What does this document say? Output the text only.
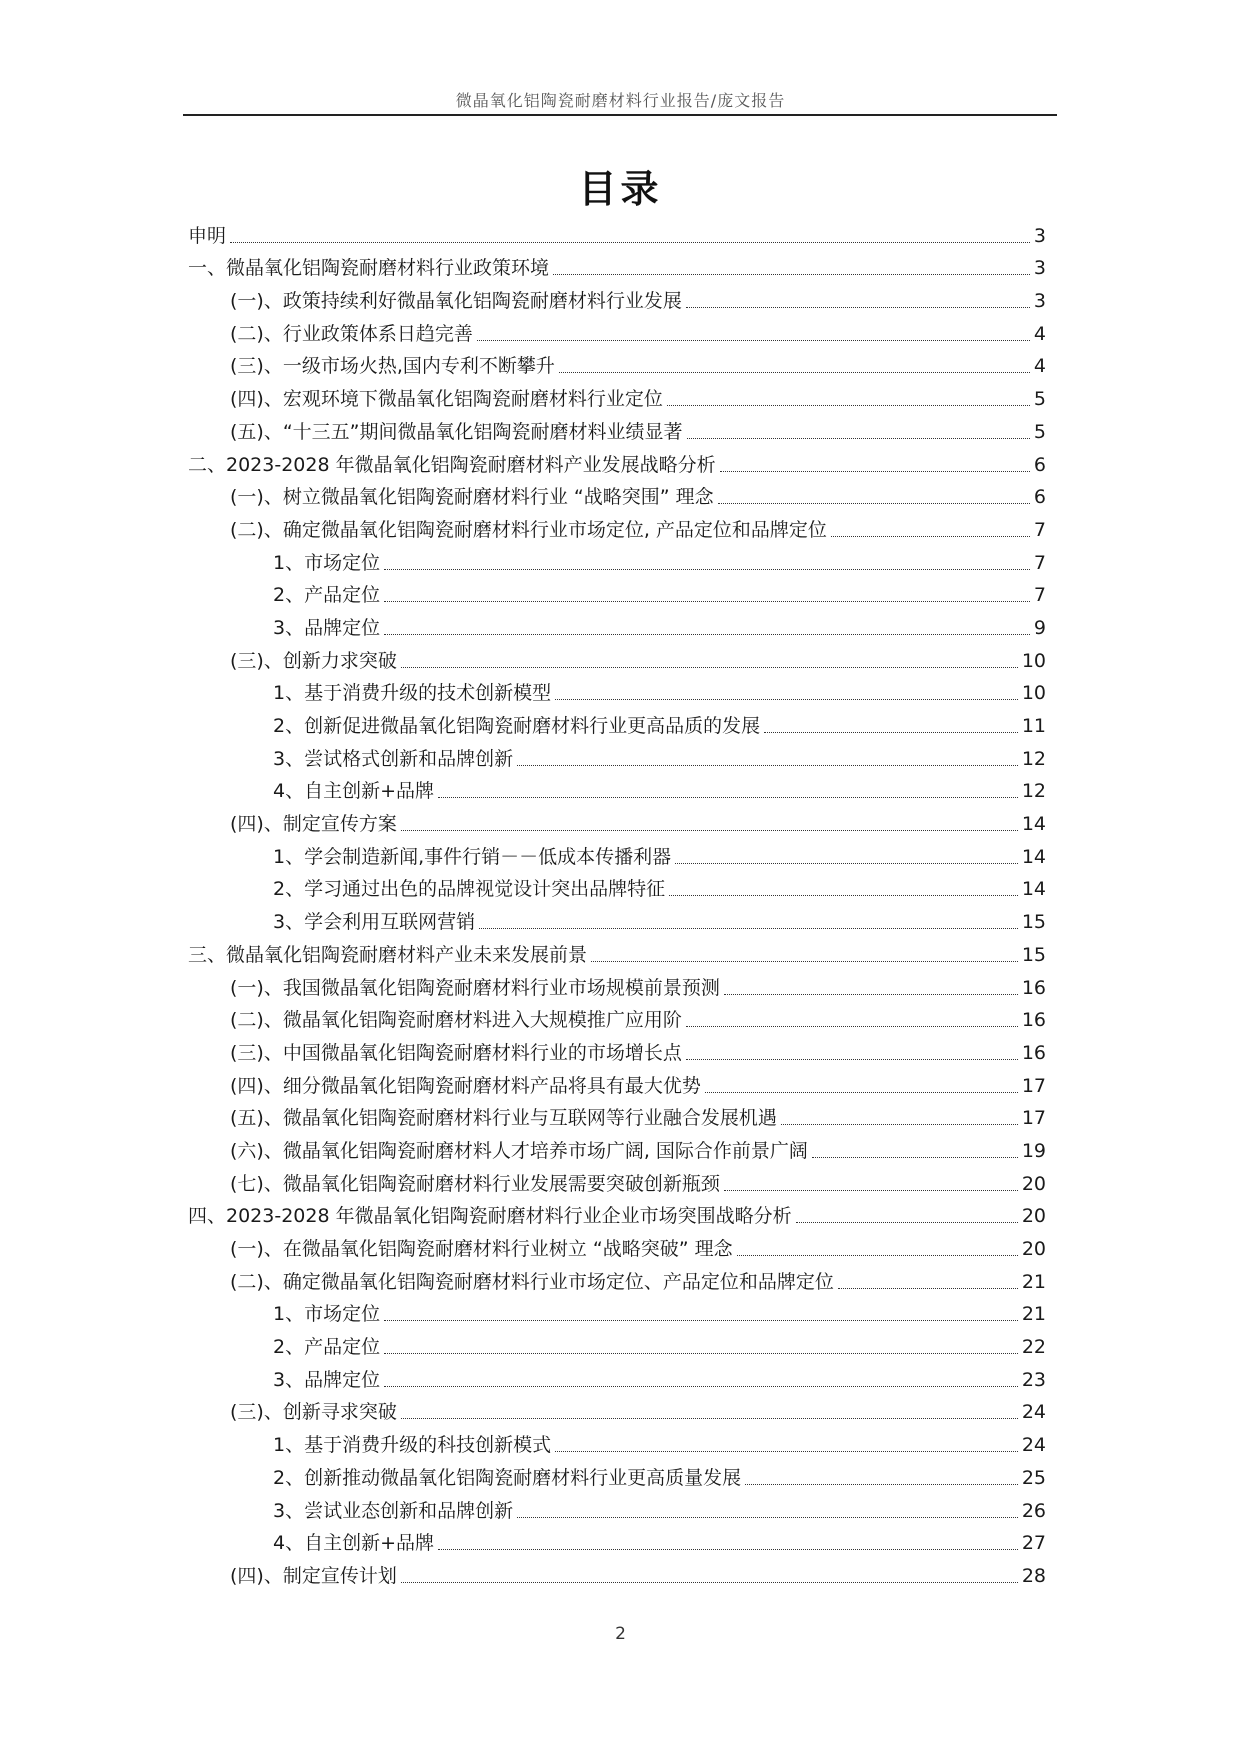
微晶氧化铝陶瓷耐磨材料行业报告/庞文报告
目录
申明	3
一、微晶氧化铝陶瓷耐磨材料行业政策环境	3
(一)、政策持续利好微晶氧化铝陶瓷耐磨材料行业发展	3
(二)、行业政策体系日趋完善	4
(三)、一级市场火热,国内专利不断攀升	4
(四)、宏观环境下微晶氧化铝陶瓷耐磨材料行业定位	5
(五)、“十三五”期间微晶氧化铝陶瓷耐磨材料业绩显著	5
二、2023-2028 年微晶氧化铝陶瓷耐磨材料产业发展战略分析	6
(一)、树立微晶氧化铝陶瓷耐磨材料行业 “战略突围” 理念	6
(二)、确定微晶氧化铝陶瓷耐磨材料行业市场定位, 产品定位和品牌定位	7
1、市场定位	7
2、产品定位	7
3、品牌定位	9
(三)、创新力求突破	10
1、基于消费升级的技术创新模型	10
2、创新促进微晶氧化铝陶瓷耐磨材料行业更高品质的发展	11
3、尝试格式创新和品牌创新	12
4、自主创新+品牌	12
(四)、制定宣传方案	14
1、学会制造新闻,事件行销－－低成本传播利器	14
2、学习通过出色的品牌视觉设计突出品牌特征	14
3、学会利用互联网营销	15
三、微晶氧化铝陶瓷耐磨材料产业未来发展前景	15
(一)、我国微晶氧化铝陶瓷耐磨材料行业市场规模前景预测	16
(二)、微晶氧化铝陶瓷耐磨材料进入大规模推广应用阶	16
(三)、中国微晶氧化铝陶瓷耐磨材料行业的市场增长点	16
(四)、细分微晶氧化铝陶瓷耐磨材料产品将具有最大优势	17
(五)、微晶氧化铝陶瓷耐磨材料行业与互联网等行业融合发展机遇	17
(六)、微晶氧化铝陶瓷耐磨材料人才培养市场广阔, 国际合作前景广阔	19
(七)、微晶氧化铝陶瓷耐磨材料行业发展需要突破创新瓶颈	20
四、2023-2028 年微晶氧化铝陶瓷耐磨材料行业企业市场突围战略分析	20
(一)、在微晶氧化铝陶瓷耐磨材料行业树立 “战略突破” 理念	20
(二)、确定微晶氧化铝陶瓷耐磨材料行业市场定位、产品定位和品牌定位	21
1、市场定位	21
2、产品定位	22
3、品牌定位	23
(三)、创新寻求突破	24
1、基于消费升级的科技创新模式	24
2、创新推动微晶氧化铝陶瓷耐磨材料行业更高质量发展	25
3、尝试业态创新和品牌创新	26
4、自主创新+品牌	27
(四)、制定宣传计划	28
2
